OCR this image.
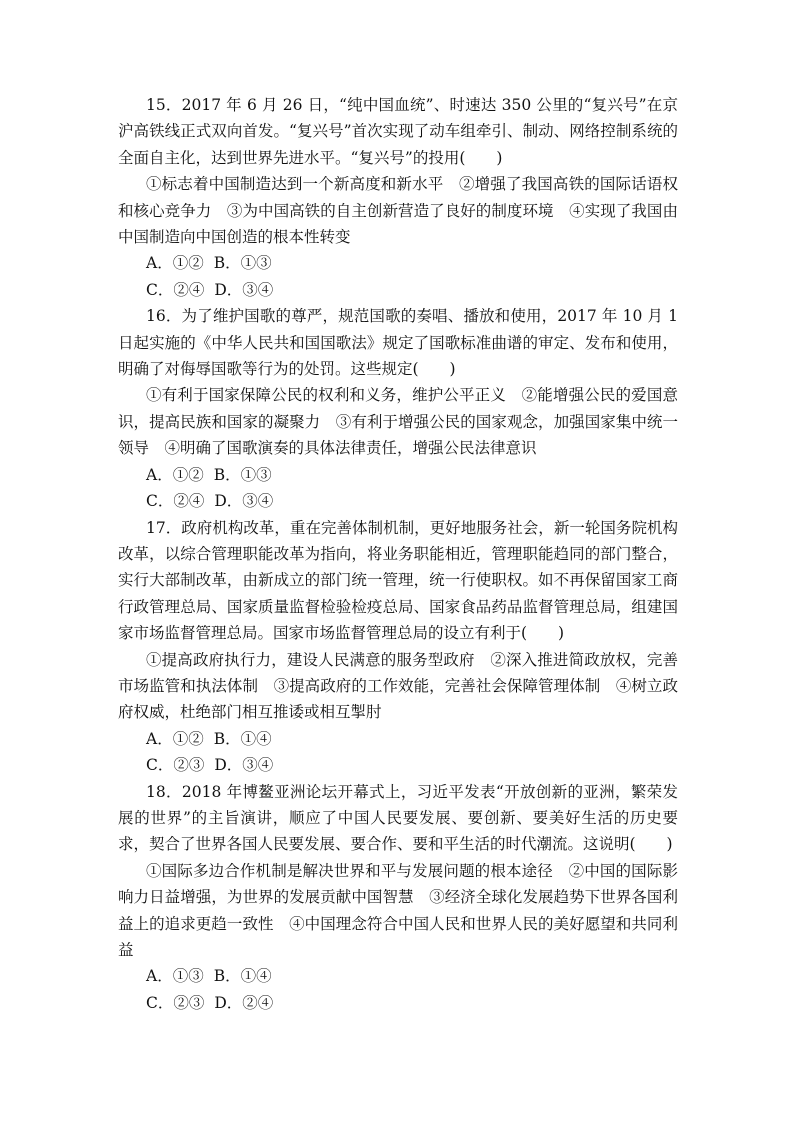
15．2017 年 6 月 26 日，“纯中国血统”、时速达 350 公里的“复兴号”在京沪高铁线正式双向首发。“复兴号”首次实现了动车组牵引、制动、网络控制系统的全面自主化，达到世界先进水平。“复兴号”的投用(　　)

①标志着中国制造达到一个新高度和新水平　②增强了我国高铁的国际话语权和核心竞争力　③为中国高铁的自主创新营造了良好的制度环境　④实现了我国由中国制造向中国创造的根本性转变

A．①② B．①③
C．②④ D．③④

16．为了维护国歌的尊严，规范国歌的奏唱、播放和使用，2017 年 10 月 1 日起实施的《中华人民共和国国歌法》规定了国歌标准曲谱的审定、发布和使用，明确了对侮辱国歌等行为的处罚。这些规定(　　)

①有利于国家保障公民的权利和义务，维护公平正义　②能增强公民的爱国意识，提高民族和国家的凝聚力　③有利于增强公民的国家观念，加强国家集中统一领导　④明确了国歌演奏的具体法律责任，增强公民法律意识

A．①② B．①③
C．②④ D．③④

17．政府机构改革，重在完善体制机制，更好地服务社会，新一轮国务院机构改革，以综合管理职能改革为指向，将业务职能相近，管理职能趋同的部门整合，实行大部制改革，由新成立的部门统一管理，统一行使职权。如不再保留国家工商行政管理总局、国家质量监督检验检疫总局、国家食品药品监督管理总局，组建国家市场监督管理总局。国家市场监督管理总局的设立有利于(　　)

①提高政府执行力，建设人民满意的服务型政府　②深入推进简政放权，完善市场监管和执法体制　③提高政府的工作效能，完善社会保障管理体制　④树立政府权威，杜绝部门相互推诿或相互掣肘

A．①② B．①④
C．②③ D．③④

18．2018 年博鳌亚洲论坛开幕式上，习近平发表“开放创新的亚洲，繁荣发展的世界”的主旨演讲，顺应了中国人民要发展、要创新、要美好生活的历史要求，契合了世界各国人民要发展、要合作、要和平生活的时代潮流。这说明(　　)

①国际多边合作机制是解决世界和平与发展问题的根本途径　②中国的国际影响力日益增强，为世界的发展贡献中国智慧　③经济全球化发展趋势下世界各国利益上的追求更趋一致性　④中国理念符合中国人民和世界人民的美好愿望和共同利益

A．①③ B．①④
C．②③ D．②④
